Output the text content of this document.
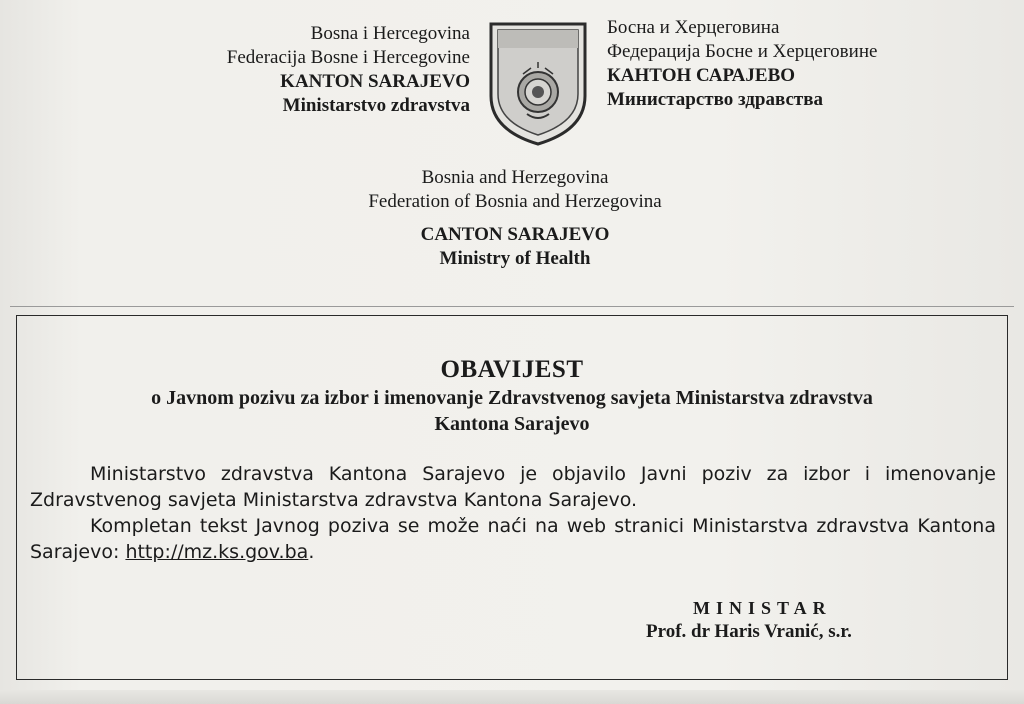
Bosna i Hercegovina
Federacija Bosne i Hercegovine
KANTON SARAJEVO
Ministarstvo zdravstva
Босна и Херцеговина
Федерација Босне и Херцеговине
КАНТОН САРАЈЕВО
Министарство здравства
Bosnia and Herzegovina
Federation of Bosnia and Herzegovina
CANTON SARAJEVO
Ministry of Health
OBAVIJEST
o Javnom pozivu za izbor i imenovanje Zdravstvenog savjeta Ministarstva zdravstva
Kantona Sarajevo

Ministarstvo zdravstva Kantona Sarajevo je objavilo Javni poziv za izbor i imenovanje Zdravstvenog savjeta Ministarstva zdravstva Kantona Sarajevo.

Kompletan tekst Javnog poziva se može naći na web stranici Ministarstva zdravstva Kantona Sarajevo: http://mz.ks.gov.ba.

MINISTAR
Prof. dr Haris Vranić, s.r.
